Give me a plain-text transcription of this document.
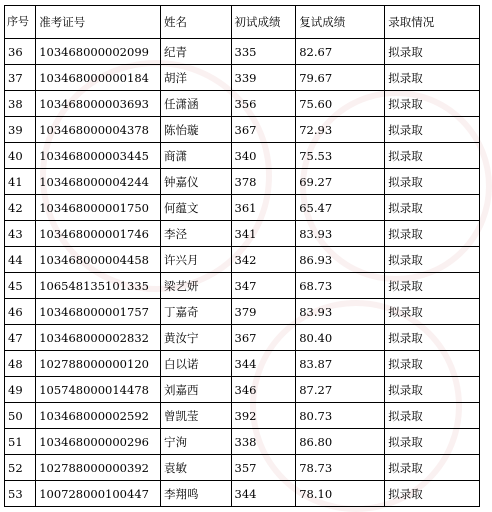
序号	准考证号	姓名	初试成绩	复试成绩	录取情况
36	103468000002099	纪青	335	82.67	拟录取
37	103468000000184	胡洋	339	79.67	拟录取
38	103468000003693	任潇涵	356	75.60	拟录取
39	103468000004378	陈怡璇	367	72.93	拟录取
40	103468000003445	商潇	340	75.53	拟录取
41	103468000004244	钟嘉仪	378	69.27	拟录取
42	103468000001750	何蕴文	361	65.47	拟录取
43	103468000001746	李泾	341	83.93	拟录取
44	103468000004458	许兴月	342	86.93	拟录取
45	106548135101335	梁艺妍	347	68.73	拟录取
46	103468000001757	丁嘉奇	379	83.93	拟录取
47	103468000002832	黄汝宁	367	80.40	拟录取
48	102788000000120	白以诺	344	83.87	拟录取
49	105748000014478	刘嘉西	346	87.27	拟录取
50	103468000002592	曾凯莹	392	80.73	拟录取
51	103468000000296	宁洵	338	86.80	拟录取
52	102788000000392	袁敏	357	78.73	拟录取
53	100728000100447	李翔鸣	344	78.10	拟录取
